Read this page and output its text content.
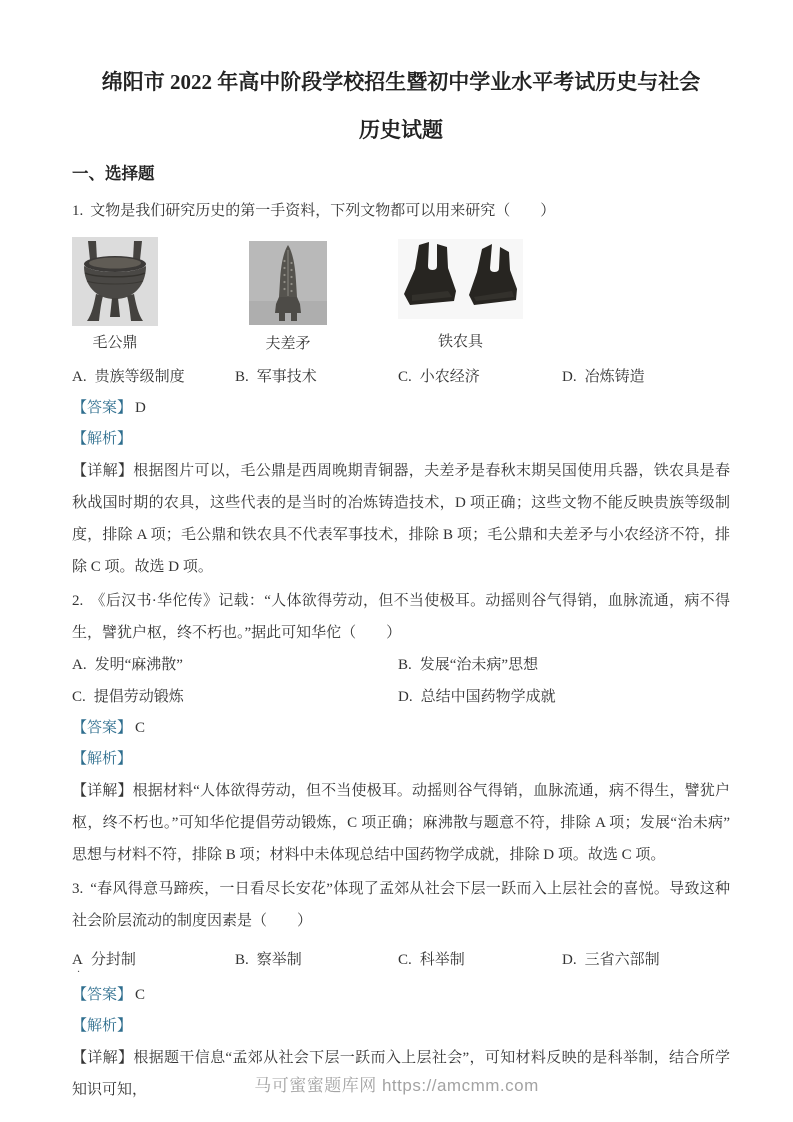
绵阳市 2022 年高中阶段学校招生暨初中学业水平考试历史与社会
历史试题
一、选择题

1. 文物是我们研究历史的第一手资料，下列文物都可以用来研究（　　）

毛公鼎
	夫差矛
	铁农具
A. 贵族等级制度	B. 军事技术	C. 小农经济	D. 冶炼铸造

【答案】 D

【解析】

【详解】根据图片可以，毛公鼎是西周晚期青铜器，夫差矛是春秋末期吴国使用兵器，铁农具是春秋战国时期的农具，这些代表的是当时的冶炼铸造技术，D 项正确；这些文物不能反映贵族等级制度，排除 A 项；毛公鼎和铁农具不代表军事技术，排除 B 项；毛公鼎和夫差矛与小农经济不符，排除 C 项。故选 D 项。

2. 《后汉书·华佗传》记载：“人体欲得劳动，但不当使极耳。动摇则谷气得销，血脉流通，病不得生，譬犹户枢，终不朽也。”据此可知华佗（　　）

A. 发明“麻沸散”	B. 发展“治未病”思想
C. 提倡劳动锻炼	D. 总结中国药物学成就

【答案】 C

【解析】

【详解】根据材料“人体欲得劳动，但不当使极耳。动摇则谷气得销，血脉流通，病不得生，譬犹户枢，终不朽也。”可知华佗提倡劳动锻炼，C 项正确；麻沸散与题意不符，排除 A 项；发展“治未病”思想与材料不符，排除 B 项；材料中未体现总结中国药物学成就，排除 D 项。故选 C 项。

3. “春风得意马蹄疾，一日看尽长安花”体现了孟郊从社会下层一跃而入上层社会的喜悦。导致这种社会阶层流动的制度因素是（　　）

A 分封制
．
B. 察举制	C. 科举制	D. 三省六部制

【答案】 C

【解析】

【详解】根据题干信息“孟郊从社会下层一跃而入上层社会”，可知材料反映的是科举制，结合所学知识可知，	马可蜜蜜题库网 https://amcmm.com
